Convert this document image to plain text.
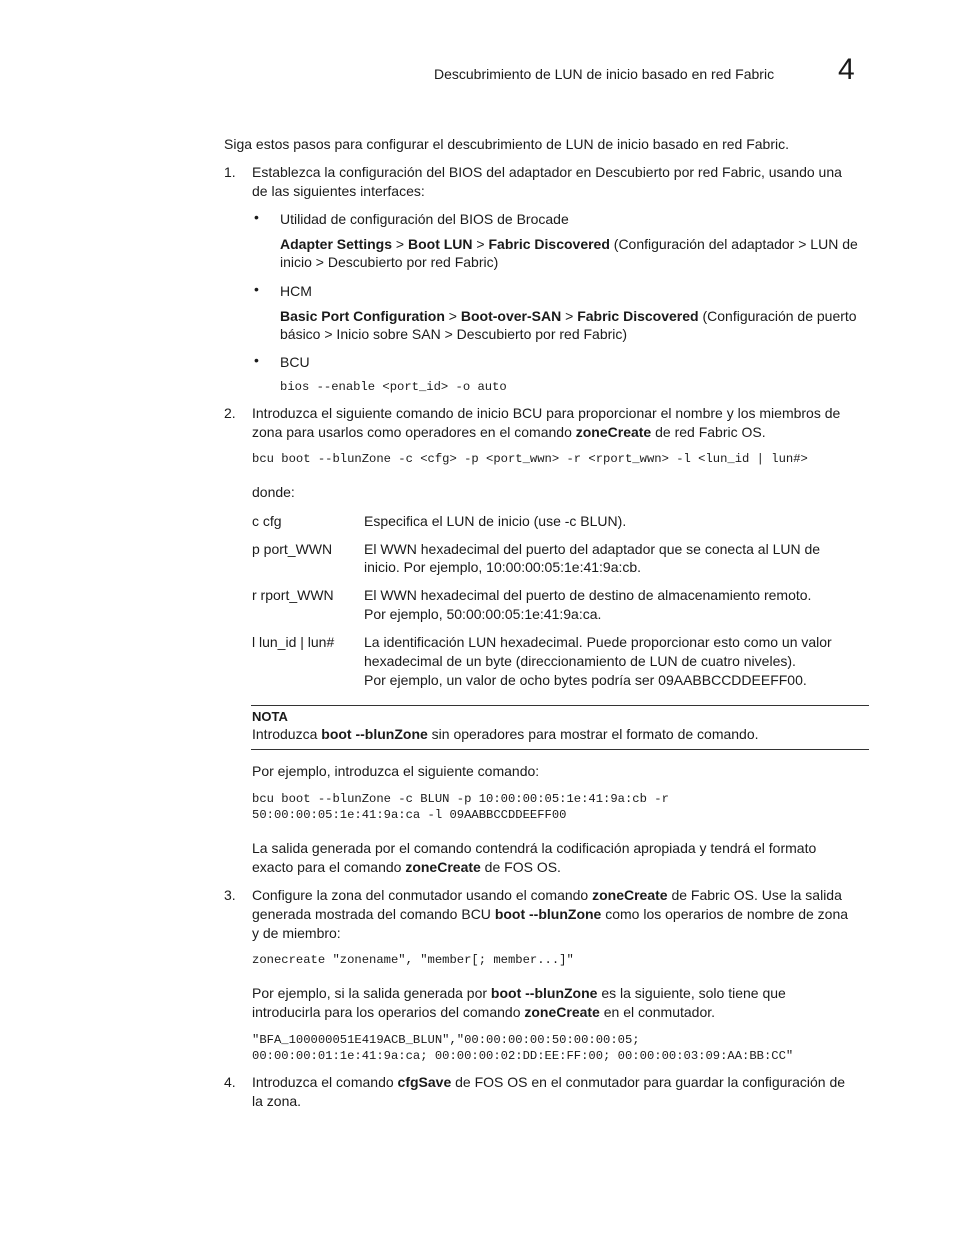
Descubrimiento de LUN de inicio basado en red Fabric 4
Siga estos pasos para configurar el descubrimiento de LUN de inicio basado en red Fabric.
1. Establezca la configuración del BIOS del adaptador en Descubierto por red Fabric, usando una
de las siguientes interfaces:
• Utilidad de configuración del BIOS de Brocade
Adapter Settings > Boot LUN > Fabric Discovered (Configuración del adaptador > LUN de
inicio > Descubierto por red Fabric)
• HCM
Basic Port Configuration > Boot-over-SAN > Fabric Discovered (Configuración de puerto
básico > Inicio sobre SAN > Descubierto por red Fabric)
• BCU
bios --enable <port_id> -o auto
2. Introduzca el siguiente comando de inicio BCU para proporcionar el nombre y los miembros de
zona para usarlos como operadores en el comando zoneCreate de red Fabric OS.
bcu boot --blunZone -c <cfg> -p <port_wwn> -r <rport_wwn> -l <lun_id | lun#>
donde:
c cfg	Especifica el LUN de inicio (use -c BLUN).
p port_WWN El WWN hexadecimal del puerto del adaptador que se conecta al LUN de
inicio. Por ejemplo, 10:00:00:05:1e:41:9a:cb.
r rport_WWN El WWN hexadecimal del puerto de destino de almacenamiento remoto.
Por ejemplo, 50:00:00:05:1e:41:9a:ca.
l lun_id | lun# La identificación LUN hexadecimal. Puede proporcionar esto como un valor
hexadecimal de un byte (direccionamiento de LUN de cuatro niveles).
Por ejemplo, un valor de ocho bytes podría ser 09AABBCCDDEEFF00.
NOTA
Introduzca boot --blunZone sin operadores para mostrar el formato de comando.
Por ejemplo, introduzca el siguiente comando:
bcu boot --blunZone -c BLUN -p 10:00:00:05:1e:41:9a:cb -r
50:00:00:05:1e:41:9a:ca -l 09AABBCCDDEEFF00
La salida generada por el comando contendrá la codificación apropiada y tendrá el formato
exacto para el comando zoneCreate de FOS OS.
3. Configure la zona del conmutador usando el comando zoneCreate de Fabric OS. Use la salida
generada mostrada del comando BCU boot --blunZone como los operarios de nombre de zona
y de miembro:
zonecreate "zonename", "member[; member...]"
Por ejemplo, si la salida generada por boot --blunZone es la siguiente, solo tiene que
introducirla para los operarios del comando zoneCreate en el conmutador.
"BFA_100000051E419ACB_BLUN","00:00:00:00:50:00:00:05;
00:00:00:01:1e:41:9a:ca; 00:00:00:02:DD:EE:FF:00; 00:00:00:03:09:AA:BB:CC"
4. Introduzca el comando cfgSave de FOS OS en el conmutador para guardar la configuración de
la zona.
